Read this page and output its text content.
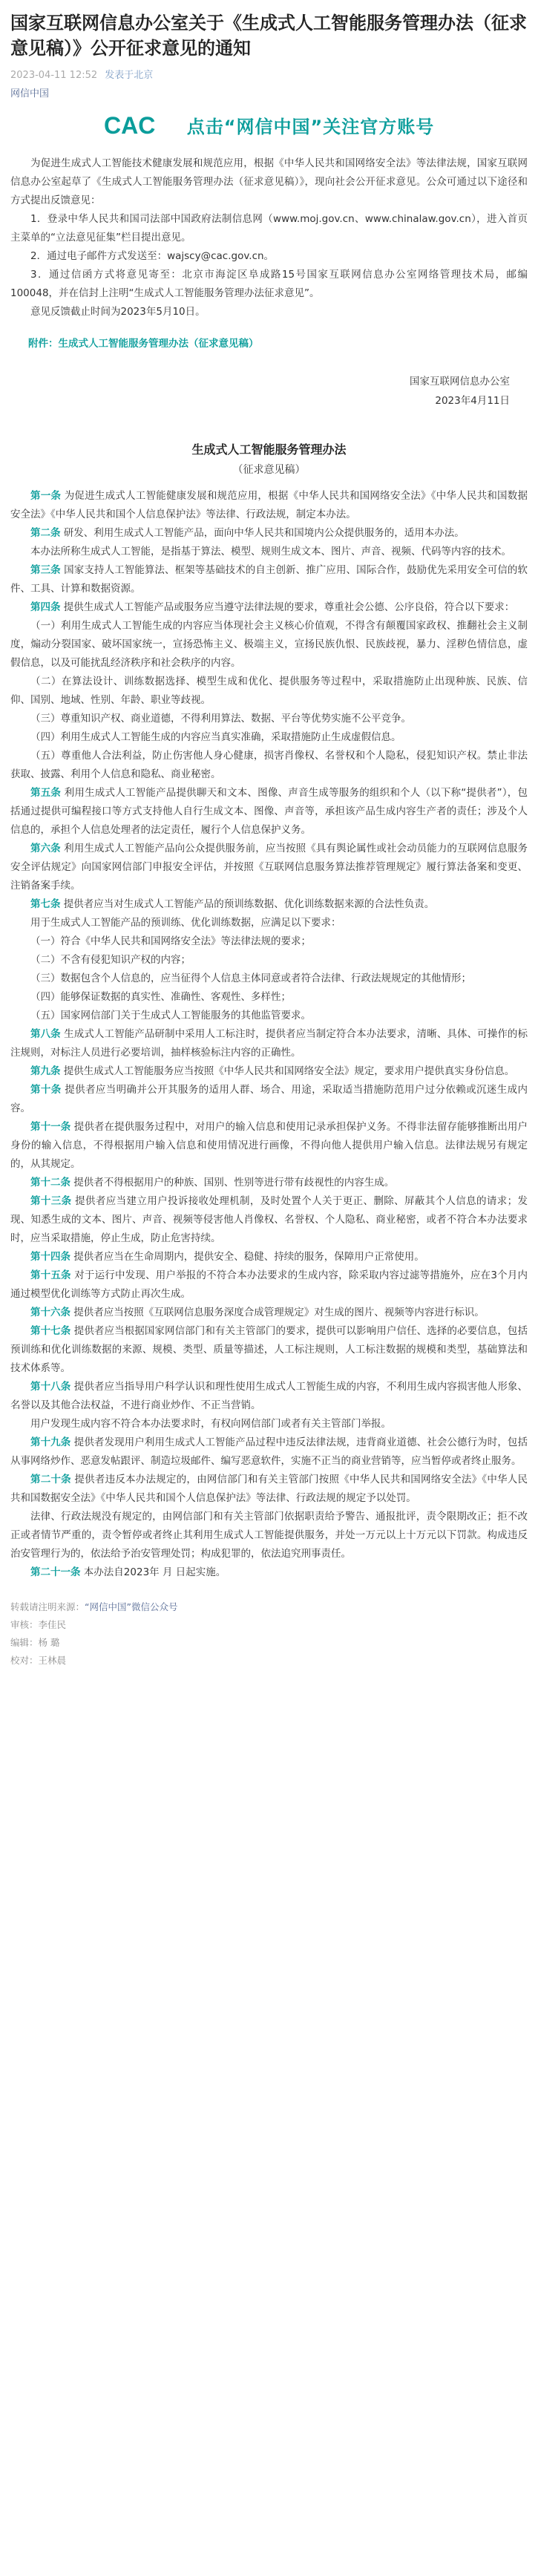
国家互联网信息办公室关于《生成式人工智能服务管理办法（征求意见稿）》公开征求意见的通知
2023-04-11 12:52 发表于北京
网信中国
CAC 点击“网信中国”关注官方账号

为促进生成式人工智能技术健康发展和规范应用，根据《中华人民共和国网络安全法》等法律法规，国家互联网信息办公室起草了《生成式人工智能服务管理办法（征求意见稿）》，现向社会公开征求意见。公众可通过以下途径和方式提出反馈意见：

1．登录中华人民共和国司法部中国政府法制信息网（www.moj.gov.cn、www.chinalaw.gov.cn），进入首页主菜单的“立法意见征集”栏目提出意见。

2．通过电子邮件方式发送至：wajscy@cac.gov.cn。

3．通过信函方式将意见寄至：北京市海淀区阜成路15号国家互联网信息办公室网络管理技术局，邮编100048，并在信封上注明“生成式人工智能服务管理办法征求意见”。

意见反馈截止时间为2023年5月10日。

附件：生成式人工智能服务管理办法（征求意见稿）
国家互联网信息办公室
2023年4月11日
生成式人工智能服务管理办法
（征求意见稿）

第一条 为促进生成式人工智能健康发展和规范应用，根据《中华人民共和国网络安全法》《中华人民共和国数据安全法》《中华人民共和国个人信息保护法》等法律、行政法规，制定本办法。

第二条 研发、利用生成式人工智能产品，面向中华人民共和国境内公众提供服务的，适用本办法。

本办法所称生成式人工智能，是指基于算法、模型、规则生成文本、图片、声音、视频、代码等内容的技术。

第三条 国家支持人工智能算法、框架等基础技术的自主创新、推广应用、国际合作，鼓励优先采用安全可信的软件、工具、计算和数据资源。

第四条 提供生成式人工智能产品或服务应当遵守法律法规的要求，尊重社会公德、公序良俗，符合以下要求：

（一）利用生成式人工智能生成的内容应当体现社会主义核心价值观，不得含有颠覆国家政权、推翻社会主义制度，煽动分裂国家、破坏国家统一，宣扬恐怖主义、极端主义，宣扬民族仇恨、民族歧视，暴力、淫秽色情信息，虚假信息，以及可能扰乱经济秩序和社会秩序的内容。

（二）在算法设计、训练数据选择、模型生成和优化、提供服务等过程中，采取措施防止出现种族、民族、信仰、国别、地域、性别、年龄、职业等歧视。

（三）尊重知识产权、商业道德，不得利用算法、数据、平台等优势实施不公平竞争。

（四）利用生成式人工智能生成的内容应当真实准确，采取措施防止生成虚假信息。

（五）尊重他人合法利益，防止伤害他人身心健康，损害肖像权、名誉权和个人隐私，侵犯知识产权。禁止非法获取、披露、利用个人信息和隐私、商业秘密。

第五条 利用生成式人工智能产品提供聊天和文本、图像、声音生成等服务的组织和个人（以下称“提供者”），包括通过提供可编程接口等方式支持他人自行生成文本、图像、声音等，承担该产品生成内容生产者的责任；涉及个人信息的，承担个人信息处理者的法定责任，履行个人信息保护义务。

第六条 利用生成式人工智能产品向公众提供服务前，应当按照《具有舆论属性或社会动员能力的互联网信息服务安全评估规定》向国家网信部门申报安全评估，并按照《互联网信息服务算法推荐管理规定》履行算法备案和变更、注销备案手续。

第七条 提供者应当对生成式人工智能产品的预训练数据、优化训练数据来源的合法性负责。

用于生成式人工智能产品的预训练、优化训练数据，应满足以下要求：

（一）符合《中华人民共和国网络安全法》等法律法规的要求；

（二）不含有侵犯知识产权的内容；

（三）数据包含个人信息的，应当征得个人信息主体同意或者符合法律、行政法规规定的其他情形；

（四）能够保证数据的真实性、准确性、客观性、多样性；

（五）国家网信部门关于生成式人工智能服务的其他监管要求。

第八条 生成式人工智能产品研制中采用人工标注时，提供者应当制定符合本办法要求，清晰、具体、可操作的标注规则，对标注人员进行必要培训，抽样核验标注内容的正确性。

第九条 提供生成式人工智能服务应当按照《中华人民共和国网络安全法》规定，要求用户提供真实身份信息。

第十条 提供者应当明确并公开其服务的适用人群、场合、用途，采取适当措施防范用户过分依赖或沉迷生成内容。

第十一条 提供者在提供服务过程中，对用户的输入信息和使用记录承担保护义务。不得非法留存能够推断出用户身份的输入信息，不得根据用户输入信息和使用情况进行画像，不得向他人提供用户输入信息。法律法规另有规定的，从其规定。

第十二条 提供者不得根据用户的种族、国别、性别等进行带有歧视性的内容生成。

第十三条 提供者应当建立用户投诉接收处理机制，及时处置个人关于更正、删除、屏蔽其个人信息的请求；发现、知悉生成的文本、图片、声音、视频等侵害他人肖像权、名誉权、个人隐私、商业秘密，或者不符合本办法要求时，应当采取措施，停止生成，防止危害持续。

第十四条 提供者应当在生命周期内，提供安全、稳健、持续的服务，保障用户正常使用。

第十五条 对于运行中发现、用户举报的不符合本办法要求的生成内容，除采取内容过滤等措施外，应在3个月内通过模型优化训练等方式防止再次生成。

第十六条 提供者应当按照《互联网信息服务深度合成管理规定》对生成的图片、视频等内容进行标识。

第十七条 提供者应当根据国家网信部门和有关主管部门的要求，提供可以影响用户信任、选择的必要信息，包括预训练和优化训练数据的来源、规模、类型、质量等描述，人工标注规则，人工标注数据的规模和类型，基础算法和技术体系等。

第十八条 提供者应当指导用户科学认识和理性使用生成式人工智能生成的内容，不利用生成内容损害他人形象、名誉以及其他合法权益，不进行商业炒作、不正当营销。

用户发现生成内容不符合本办法要求时，有权向网信部门或者有关主管部门举报。

第十九条 提供者发现用户利用生成式人工智能产品过程中违反法律法规，违背商业道德、社会公德行为时，包括从事网络炒作、恶意发帖跟评、制造垃圾邮件、编写恶意软件，实施不正当的商业营销等，应当暂停或者终止服务。

第二十条 提供者违反本办法规定的，由网信部门和有关主管部门按照《中华人民共和国网络安全法》《中华人民共和国数据安全法》《中华人民共和国个人信息保护法》等法律、行政法规的规定予以处罚。

法律、行政法规没有规定的，由网信部门和有关主管部门依据职责给予警告、通报批评，责令限期改正；拒不改正或者情节严重的，责令暂停或者终止其利用生成式人工智能提供服务，并处一万元以上十万元以下罚款。构成违反治安管理行为的，依法给予治安管理处罚；构成犯罪的，依法追究刑事责任。

第二十一条 本办法自2023年 月 日起实施。

转载请注明来源：“网信中国”微信公众号
审核：李佳民
编辑：杨 璐
校对：王林晨
